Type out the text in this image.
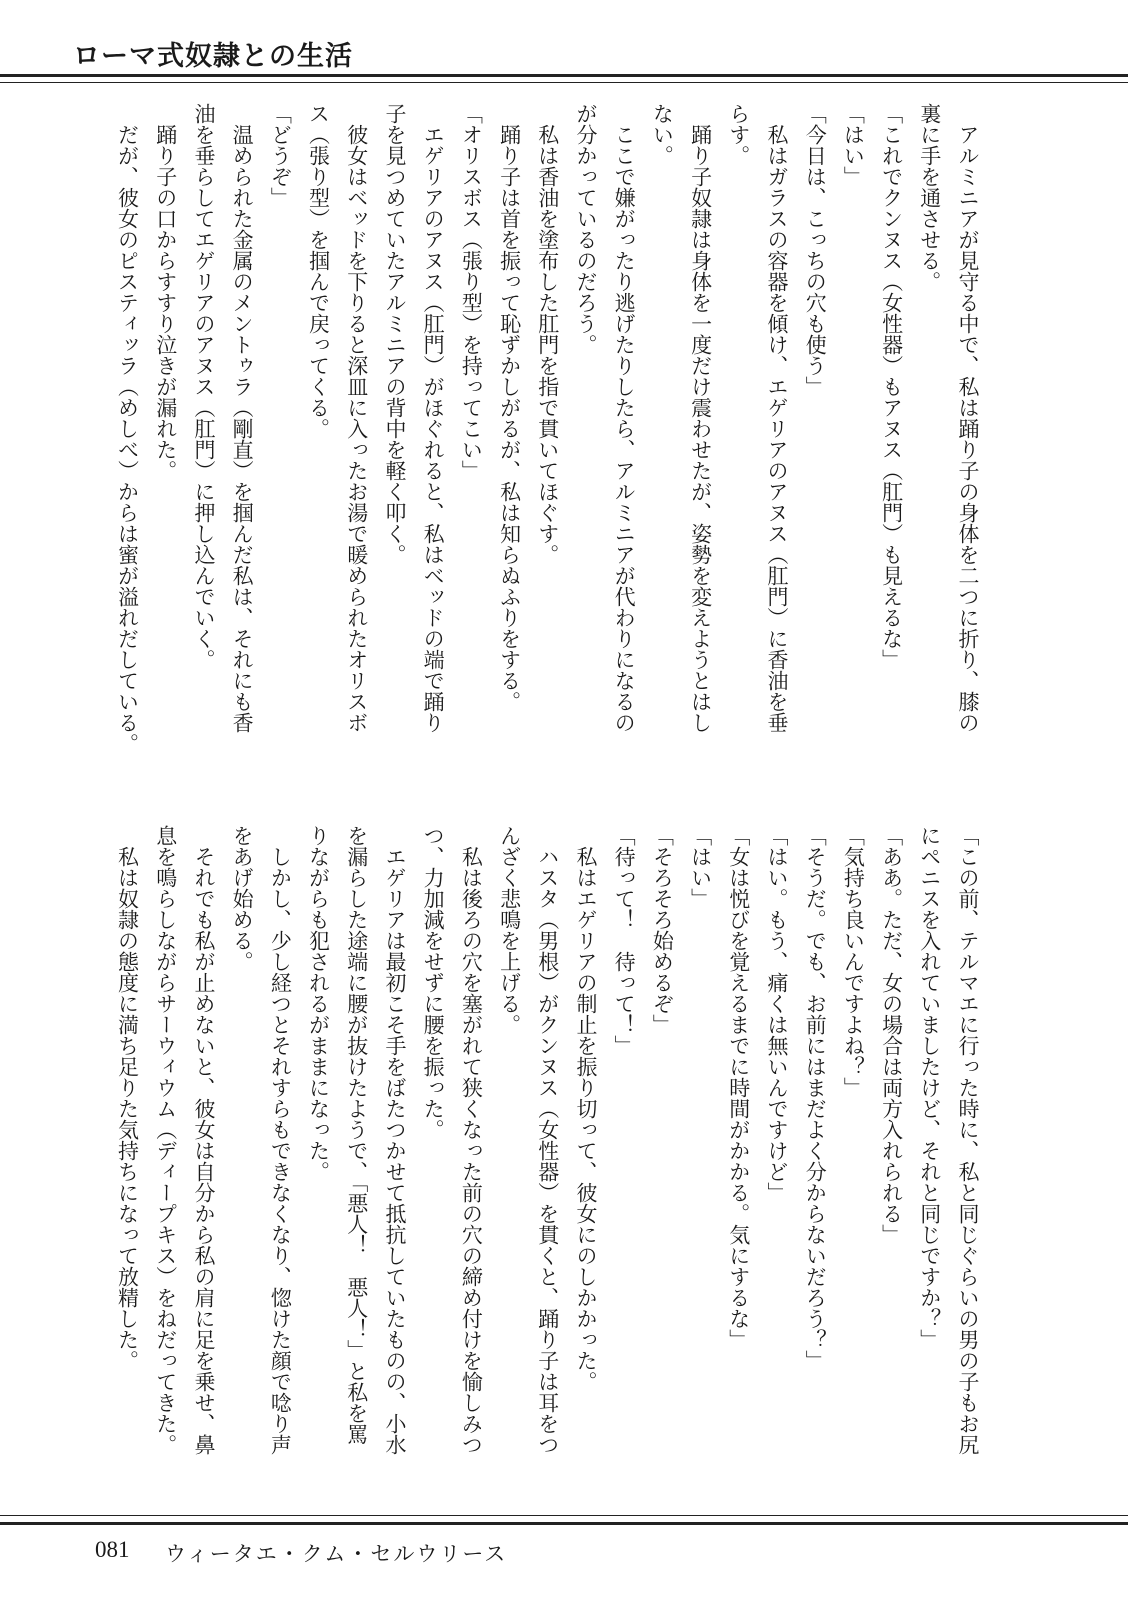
ローマ式奴隷との生活
アルミニアが見守る中で、私は踊り子の身体を二つに折り、膝の
裏に手を通させる。
「これでクンヌス（女性器）もアヌス（肛門）も見えるな」
「はい」
「今日は、こっちの穴も使う」
私はガラスの容器を傾け、エゲリアのアヌス（肛門）に香油を垂
らす。
踊り子奴隷は身体を一度だけ震わせたが、姿勢を変えようとはし
ない。
ここで嫌がったり逃げたりしたら、アルミニアが代わりになるの
が分かっているのだろう。
私は香油を塗布した肛門を指で貫いてほぐす。
踊り子は首を振って恥ずかしがるが、私は知らぬふりをする。
「オリスボス（張り型）を持ってこい」
エゲリアのアヌス（肛門）がほぐれると、私はベッドの端で踊り
子を見つめていたアルミニアの背中を軽く叩く。
彼女はベッドを下りると深皿に入ったお湯で暖められたオリスボ
ス（張り型）を掴んで戻ってくる。
「どうぞ」
温められた金属のメントゥラ（剛直）を掴んだ私は、それにも香
油を垂らしてエゲリアのアヌス（肛門）に押し込んでいく。
踊り子の口からすすり泣きが漏れた。
だが、彼女のピスティッラ（めしべ）からは蜜が溢れだしている。
「この前、テルマエに行った時に、私と同じぐらいの男の子もお尻
にペニスを入れていましたけど、それと同じですか？」
「ああ。ただ、女の場合は両方入れられる」
「気持ち良いんですよね？」
「そうだ。でも、お前にはまだよく分からないだろう？」
「はい。もう、痛くは無いんですけど」
「女は悦びを覚えるまでに時間がかかる。気にするな」
「はい」
「そろそろ始めるぞ」
「待って！　待って！」
私はエゲリアの制止を振り切って、彼女にのしかかった。
ハスタ（男根）がクンヌス（女性器）を貫くと、踊り子は耳をつ
んざく悲鳴を上げる。
私は後ろの穴を塞がれて狭くなった前の穴の締め付けを愉しみつ
つ、力加減をせずに腰を振った。
エゲリアは最初こそ手をばたつかせて抵抗していたものの、小水
を漏らした途端に腰が抜けたようで、「悪人！　悪人！」と私を罵
りながらも犯されるがままになった。
しかし、少し経つとそれすらもできなくなり、惚けた顔で唸り声
をあげ始める。
それでも私が止めないと、彼女は自分から私の肩に足を乗せ、鼻
息を鳴らしながらサーウィウム（ディープキス）をねだってきた。
私は奴隷の態度に満ち足りた気持ちになって放精した。
081 ウィータエ・クム・セルウリース
